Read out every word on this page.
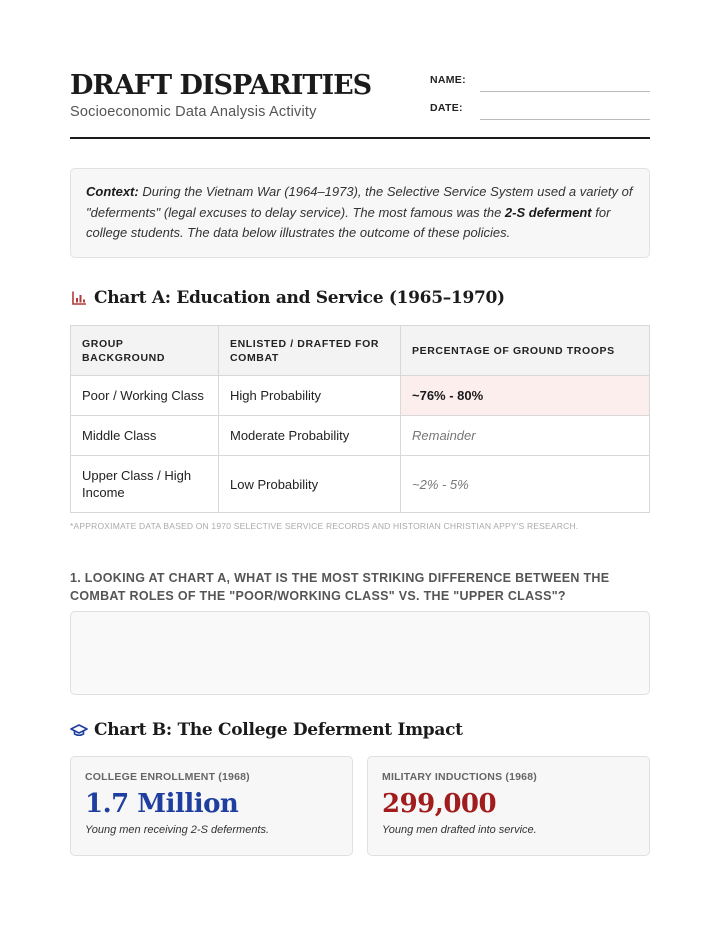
DRAFT DISPARITIES
Socioeconomic Data Analysis Activity
NAME:
DATE:
Context: During the Vietnam War (1964–1973), the Selective Service System used a variety of "deferments" (legal excuses to delay service). The most famous was the 2-S deferment for college students. The data below illustrates the outcome of these policies.
Chart A: Education and Service (1965–1970)
GROUP BACKGROUND	ENLISTED / DRAFTED FOR COMBAT	PERCENTAGE OF GROUND TROOPS
Poor / Working Class	High Probability	~76% - 80%
Middle Class	Moderate Probability	Remainder
Upper Class / High Income	Low Probability	~2% - 5%
*APPROXIMATE DATA BASED ON 1970 SELECTIVE SERVICE RECORDS AND HISTORIAN CHRISTIAN APPY'S RESEARCH.

1. LOOKING AT CHART A, WHAT IS THE MOST STRIKING DIFFERENCE BETWEEN THE COMBAT ROLES OF THE "POOR/WORKING CLASS" VS. THE "UPPER CLASS"?

Chart B: The College Deferment Impact
COLLEGE ENROLLMENT (1968)
1.7 Million
Young men receiving 2-S deferments.
MILITARY INDUCTIONS (1968)
299,000
Young men drafted into service.
